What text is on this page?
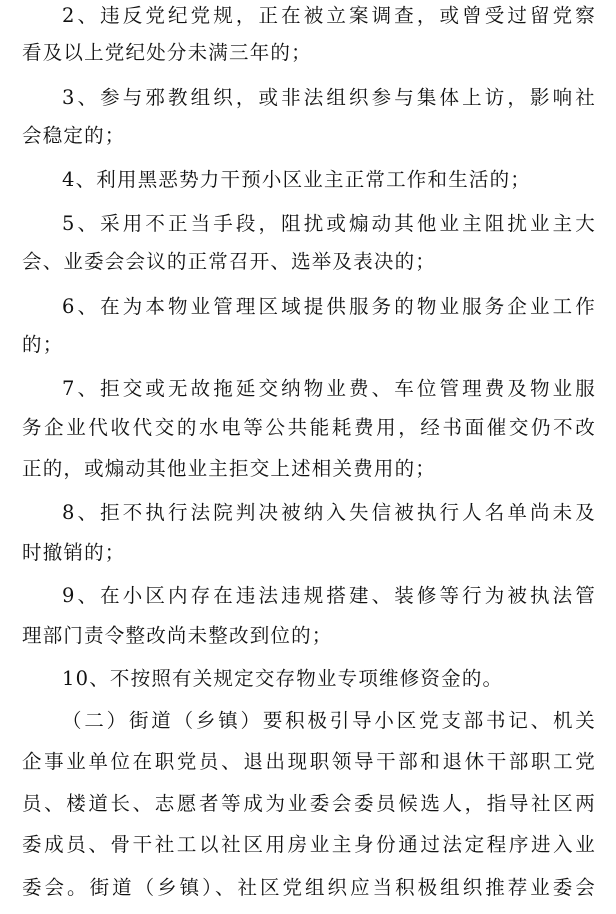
2、违反党纪党规，正在被立案调查，或曾受过留党察
看及以上党纪处分未满三年的；
3、参与邪教组织，或非法组织参与集体上访，影响社
会稳定的；
4、利用黑恶势力干预小区业主正常工作和生活的；
5、采用不正当手段，阻扰或煽动其他业主阻扰业主大
会、业委会会议的正常召开、选举及表决的；
6、在为本物业管理区域提供服务的物业服务企业工作
的；
7、拒交或无故拖延交纳物业费、车位管理费及物业服
务企业代收代交的水电等公共能耗费用，经书面催交仍不改
正的，或煽动其他业主拒交上述相关费用的；
8、拒不执行法院判决被纳入失信被执行人名单尚未及
时撤销的；
9、在小区内存在违法违规搭建、装修等行为被执法管
理部门责令整改尚未整改到位的；
10、不按照有关规定交存物业专项维修资金的。
（二）街道（乡镇）要积极引导小区党支部书记、机关
企事业单位在职党员、退出现职领导干部和退休干部职工党
员、楼道长、志愿者等成为业委会委员候选人，指导社区两
委成员、骨干社工以社区用房业主身份通过法定程序进入业
委会。街道（乡镇）、社区党组织应当积极组织推荐业委会
